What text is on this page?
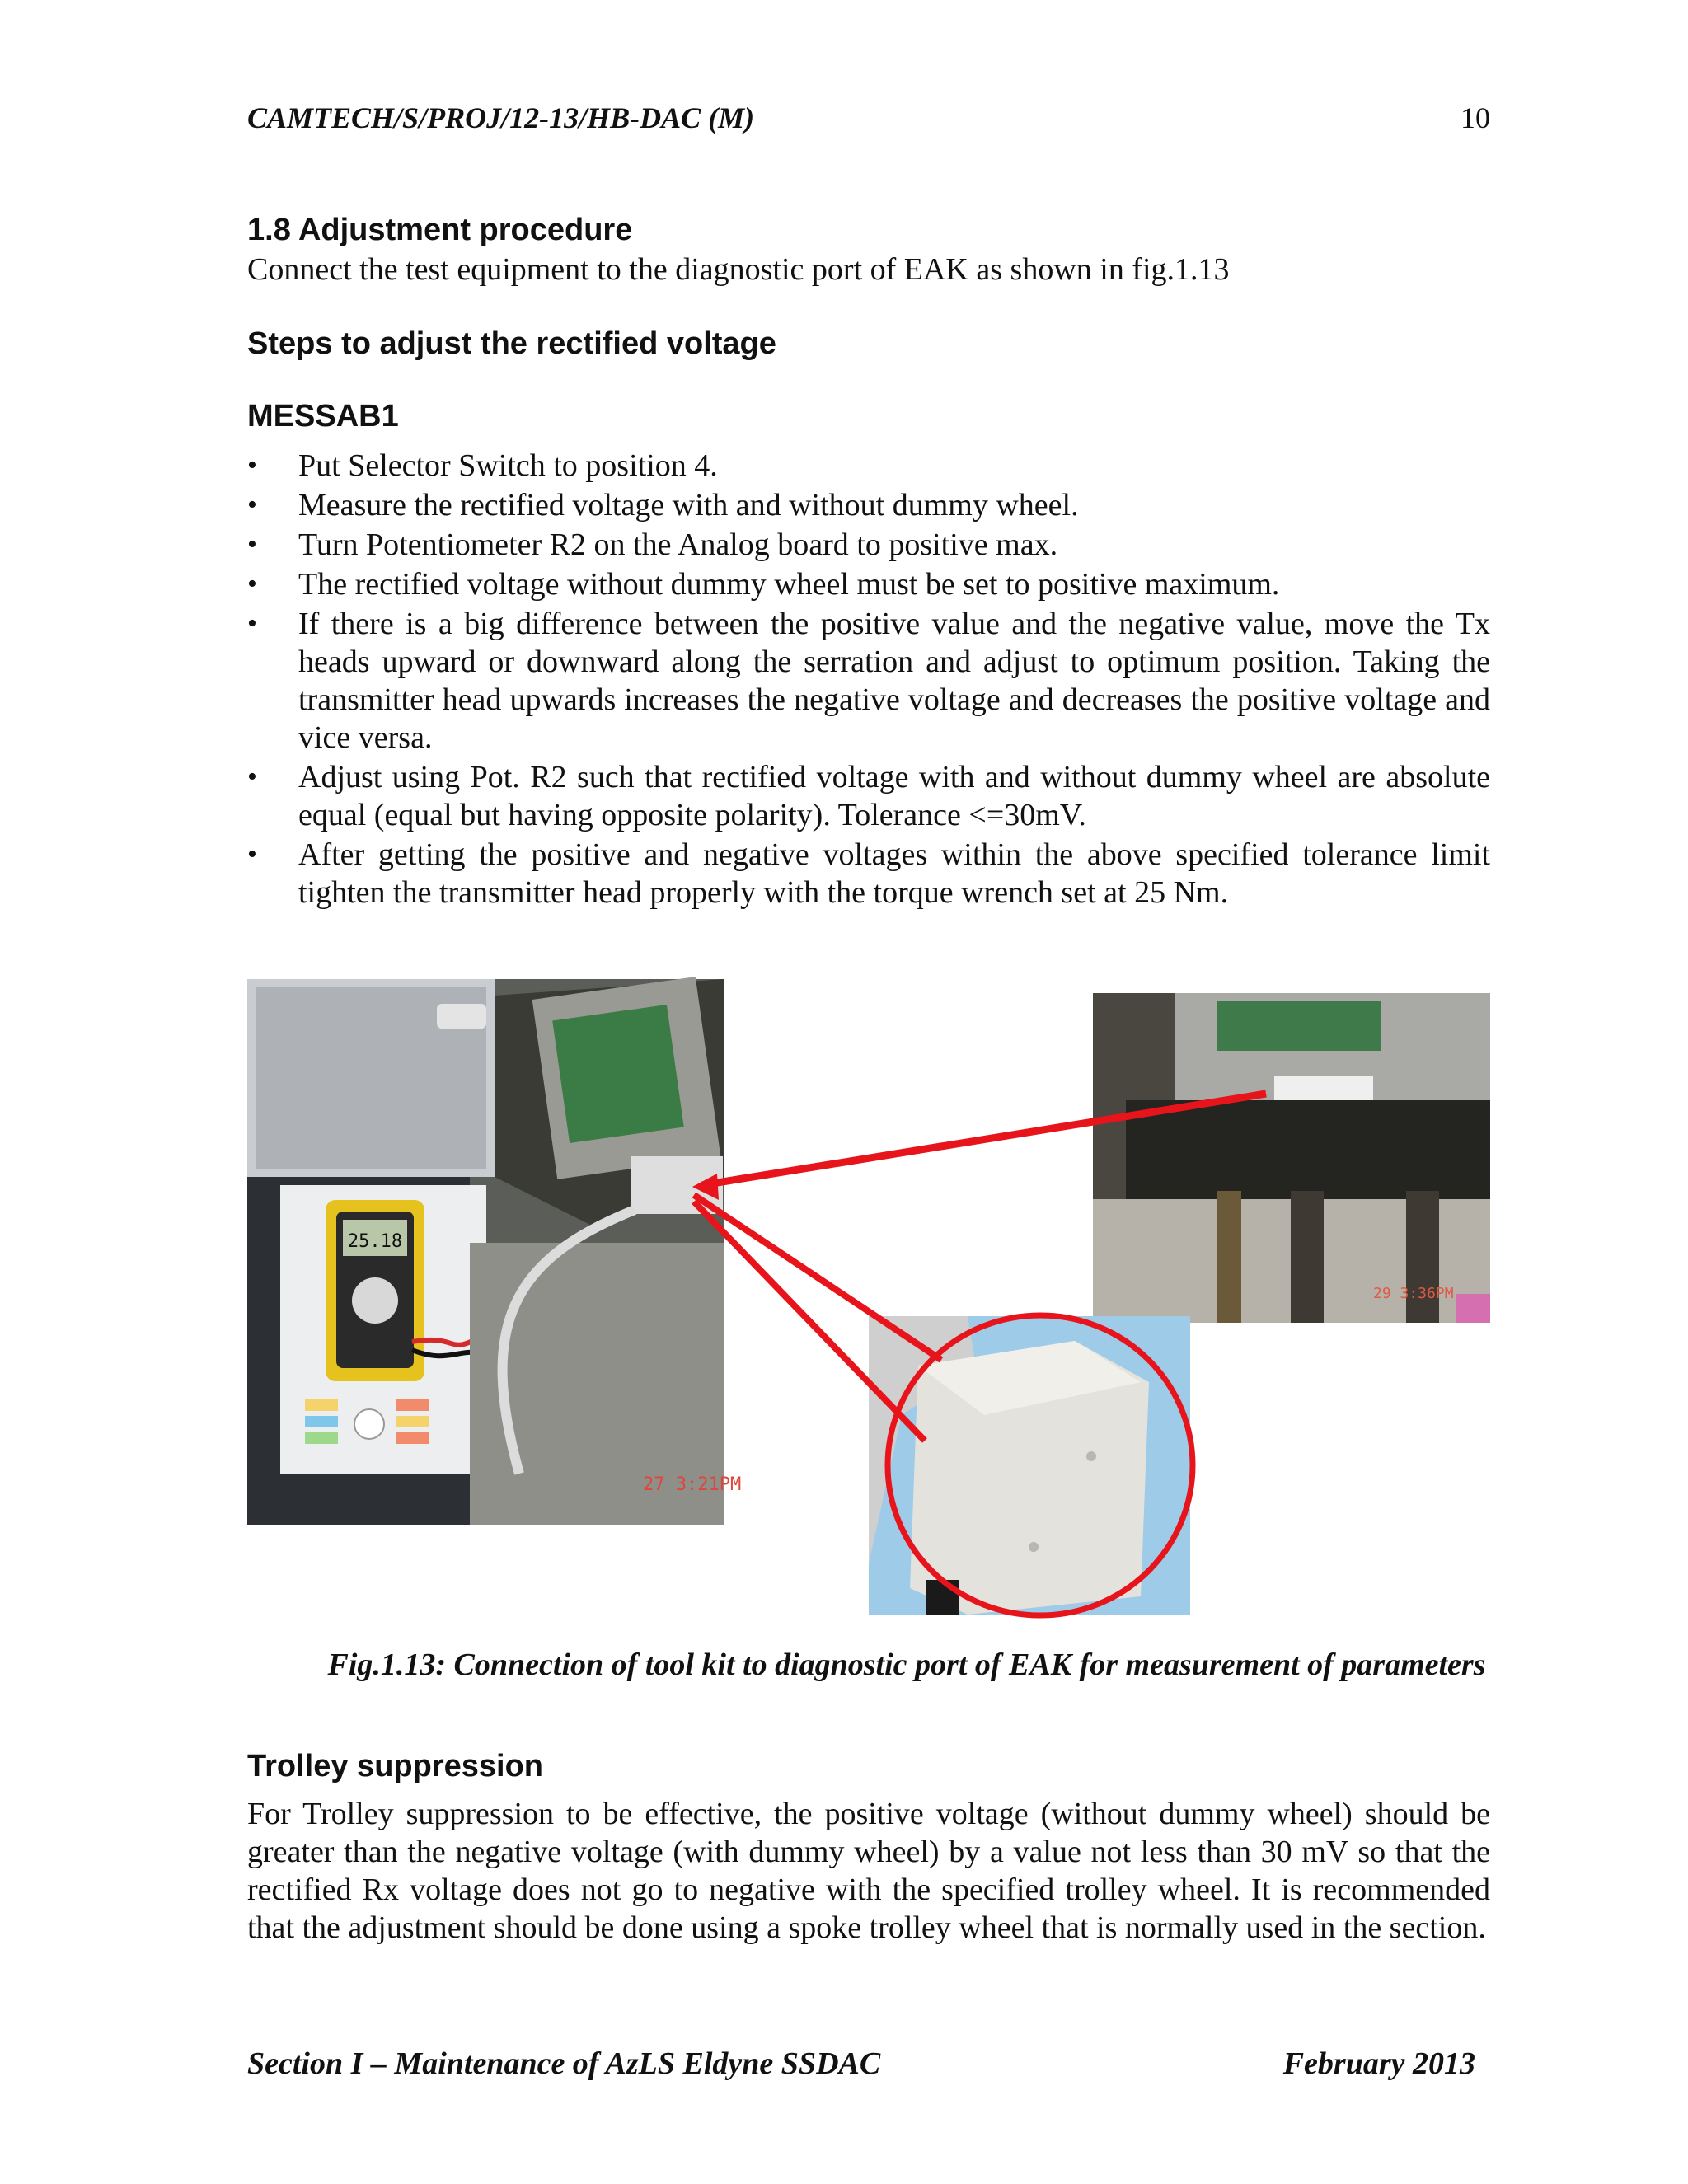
CAMTECH/S/PROJ/12-13/HB-DAC (M)	10
1.8 Adjustment procedure
Connect the test equipment to the diagnostic port of EAK as shown in fig.1.13
Steps to adjust the rectified voltage
MESSAB1
• Put Selector Switch to position 4.
• Measure the rectified voltage with and without dummy wheel.
• Turn Potentiometer R2 on the Analog board to positive max.
• The rectified voltage without dummy wheel must be set to positive maximum.
• If there is a big difference between the positive value and the negative value, move the Tx heads upward or downward along the serration and adjust to optimum position. Taking the transmitter head upwards increases the negative voltage and decreases the positive voltage and vice versa.
• Adjust using Pot. R2 such that rectified voltage with and without dummy wheel are absolute equal (equal but having opposite polarity). Tolerance <=30mV.
• After getting the positive and negative voltages within the above specified tolerance limit tighten the transmitter head properly with the torque wrench set at 25 Nm.
25.18
27 3:21PM
29 3:36PM
Fig.1.13: Connection of tool kit to diagnostic port of EAK for measurement of parameters
Trolley suppression
For Trolley suppression to be effective, the positive voltage (without dummy wheel) should be greater than the negative voltage (with dummy wheel) by a value not less than 30 mV so that the rectified Rx voltage does not go to negative with the specified trolley wheel. It is recommended that the adjustment should be done using a spoke trolley wheel that is normally used in the section.
Section I – Maintenance of AzLS Eldyne SSDAC	February 2013
